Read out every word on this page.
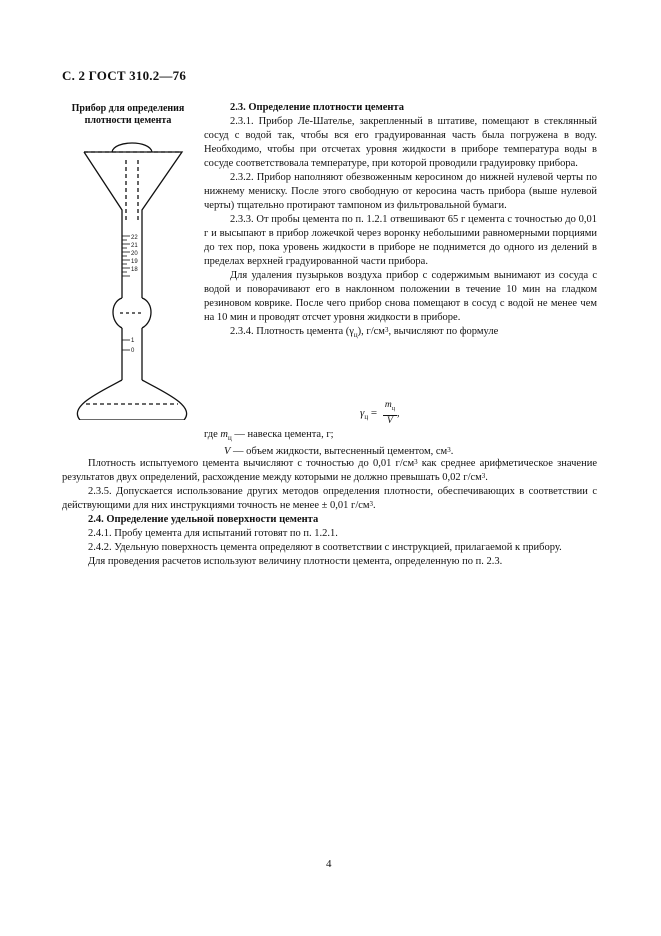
С. 2 ГОСТ 310.2—76
Прибор для определения
плотности цемента
22
21
20
19
18
1
0

2.3. Определение плотности цемента

2.3.1. Прибор Ле-Шателье, закрепленный в штативе, помещают в стеклянный сосуд с водой так, чтобы вся его градуированная часть была погружена в воду. Необходимо, чтобы при отсчетах уровня жидкости в приборе температура воды в сосуде соответствовала температуре, при которой проводили градуировку прибора.

2.3.2. Прибор наполняют обезвоженным керосином до нижней нулевой черты по нижнему мениску. После этого свободную от керосина часть прибора (выше нулевой черты) тщательно протирают тампоном из фильтровальной бумаги.

2.3.3. От пробы цемента по п. 1.2.1 отвешивают 65 г цемента с точностью до 0,01 г и высыпают в прибор ложечкой через воронку небольшими равномерными порциями до тех пор, пока уровень жидкости в приборе не поднимется до одного из делений в пределах верхней градуированной части прибора.

Для удаления пузырьков воздуха прибор с содержимым вынимают из сосуда с водой и поворачивают его в наклонном положении в течение 10 мин на гладком резиновом коврике. После чего прибор снова помещают в сосуд с водой не менее чем на 10 мин и проводят отсчет уровня жидкости в приборе.

2.3.4. Плотность цемента $(\gamma_ц)$, $г/см^3$, вычисляют по формуле

$\gamma_ц = \frac{m_ц}{V}$,
где $m_ц$ — навеска цемента, г;
V — объем жидкости, вытесненный цементом, $см^3$.

Плотность испытуемого цемента вычисляют с точностью до 0,01 $г/см^3$ как среднее арифметическое значение результатов двух определений, расхождение между которыми не должно превышать 0,02 $г/см^3$.

2.3.5. Допускается использование других методов определения плотности, обеспечивающих в соответствии с действующими для них инструкциями точность не менее ± 0,01 $г/см^3$.

2.4. Определение удельной поверхности цемента

2.4.1. Пробу цемента для испытаний готовят по п. 1.2.1.

2.4.2. Удельную поверхность цемента определяют в соответствии с инструкцией, прилагаемой к прибору.

Для проведения расчетов используют величину плотности цемента, определенную по п. 2.3.

4
